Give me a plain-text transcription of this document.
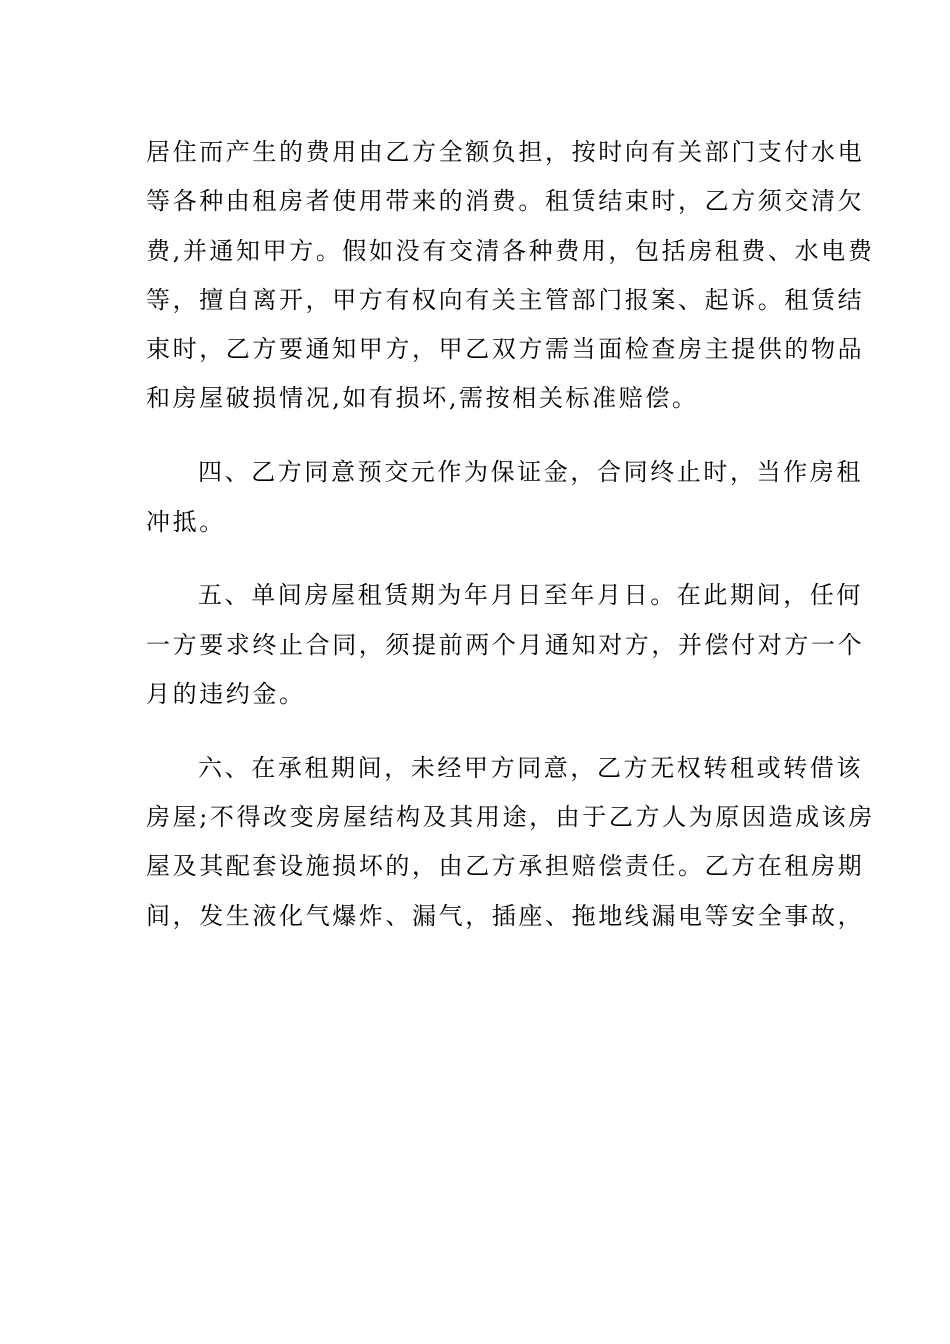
居住而产生的费用由乙方全额负担，按时向有关部门支付水电
等各种由租房者使用带来的消费。租赁结束时，乙方须交清欠
费,并通知甲方。假如没有交清各种费用，包括房租费、水电费
等，擅自离开，甲方有权向有关主管部门报案、起诉。租赁结
束时，乙方要通知甲方，甲乙双方需当面检查房主提供的物品
和房屋破损情况,如有损坏,需按相关标准赔偿。
四、乙方同意预交元作为保证金，合同终止时，当作房租
冲抵。
五、单间房屋租赁期为年月日至年月日。在此期间，任何
一方要求终止合同，须提前两个月通知对方，并偿付对方一个
月的违约金。
六、在承租期间，未经甲方同意，乙方无权转租或转借该
房屋;不得改变房屋结构及其用途，由于乙方人为原因造成该房
屋及其配套设施损坏的，由乙方承担赔偿责任。乙方在租房期
间，发生液化气爆炸、漏气，插座、拖地线漏电等安全事故，
